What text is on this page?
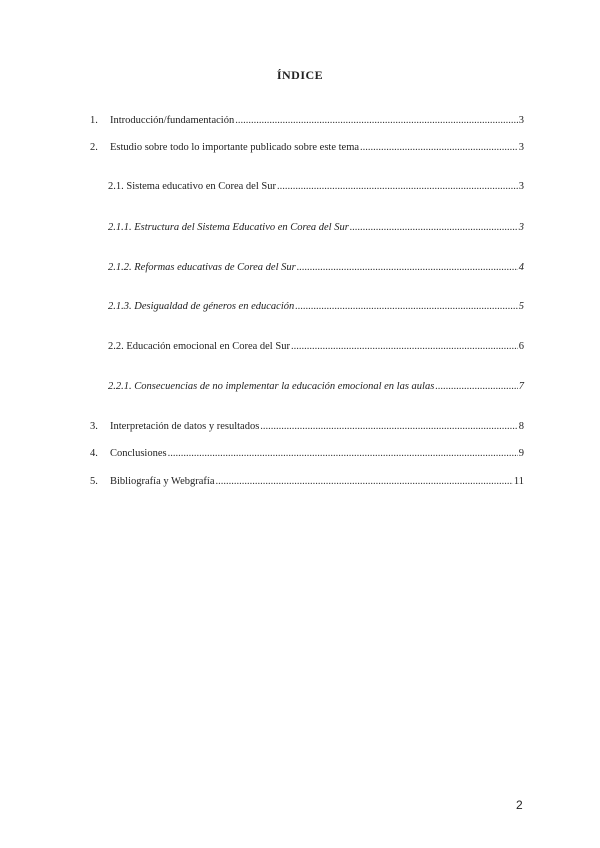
ÍNDICE
1.	Introducción/fundamentación .....	3
2.	Estudio sobre todo lo importante publicado sobre este tema .....	3
2.1. Sistema educativo en Corea del Sur .....	3
2.1.1. Estructura del Sistema Educativo en Corea del Sur .....	3
2.1.2. Reformas educativas de Corea del Sur .....	4
2.1.3. Desigualdad de géneros en educación .....	5
2.2. Educación emocional en Corea del Sur .....	6
2.2.1. Consecuencias de no implementar la educación emocional en las aulas .....	7
3.	Interpretación de datos y resultados .....	8
4.	Conclusiones .....	9
5.	Bibliografía y Webgrafía .....	11
2
